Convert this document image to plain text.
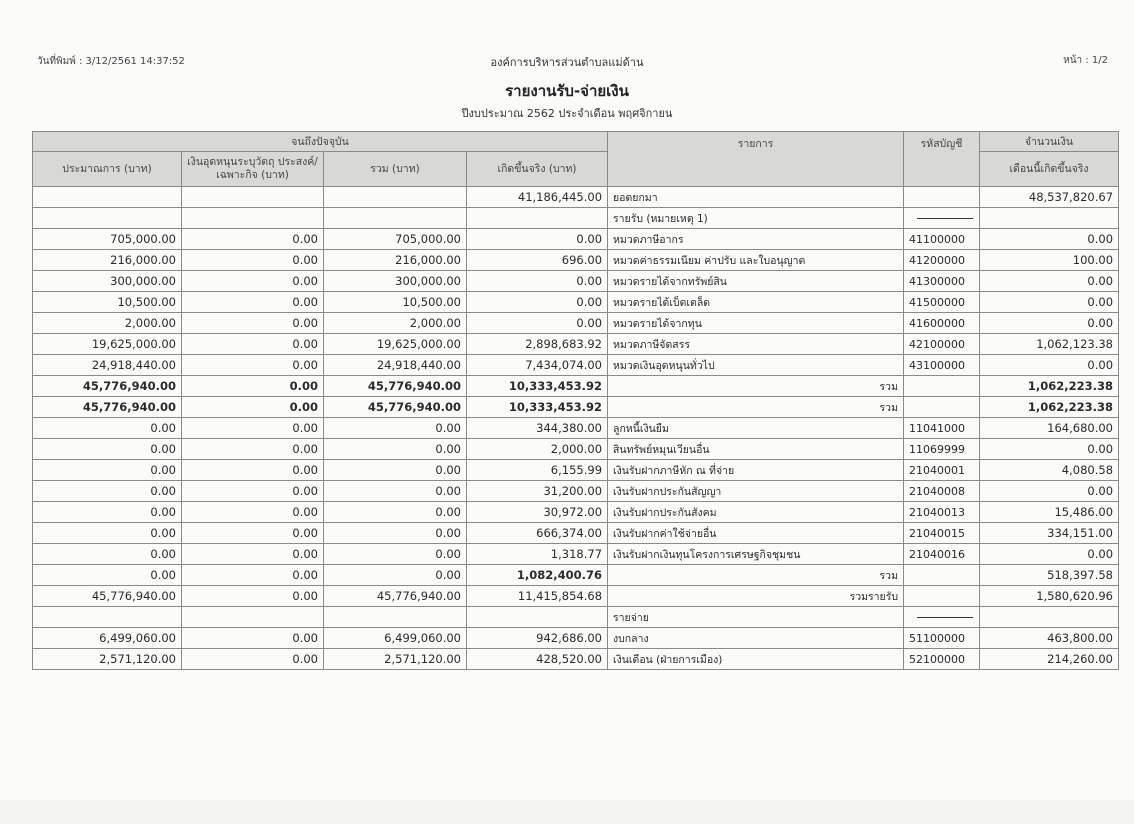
วันที่พิมพ์ : 3/12/2561 14:37:52	องค์การบริหารส่วนตำบลแม่ด้าน	หน้า : 1/2
รายงานรับ-จ่ายเงิน
ปีงบประมาณ 2562 ประจำเดือน พฤศจิกายน
จนถึงปัจจุบัน				รายการ	รหัสบัญชี	จำนวนเงิน
ประมาณการ (บาท)	เงินอุดหนุนระบุวัตถุ ประสงค์/เฉพาะกิจ (บาท)	รวม (บาท)	เกิดขึ้นจริง (บาท)			เดือนนี้เกิดขึ้นจริง
			41,186,445.00	ยอดยกมา		48,537,820.67
				รายรับ (หมายเหตุ 1)		
705,000.00	0.00	705,000.00	0.00	หมวดภาษีอากร	41100000	0.00
216,000.00	0.00	216,000.00	696.00	หมวดค่าธรรมเนียม ค่าปรับ และใบอนุญาต	41200000	100.00
300,000.00	0.00	300,000.00	0.00	หมวดรายได้จากทรัพย์สิน	41300000	0.00
10,500.00	0.00	10,500.00	0.00	หมวดรายได้เบ็ดเตล็ด	41500000	0.00
2,000.00	0.00	2,000.00	0.00	หมวดรายได้จากทุน	41600000	0.00
19,625,000.00	0.00	19,625,000.00	2,898,683.92	หมวดภาษีจัดสรร	42100000	1,062,123.38
24,918,440.00	0.00	24,918,440.00	7,434,074.00	หมวดเงินอุดหนุนทั่วไป	43100000	0.00
45,776,940.00	0.00	45,776,940.00	10,333,453.92	รวม		1,062,223.38
45,776,940.00	0.00	45,776,940.00	10,333,453.92	รวม		1,062,223.38
0.00	0.00	0.00	344,380.00	ลูกหนี้เงินยืม	11041000	164,680.00
0.00	0.00	0.00	2,000.00	สินทรัพย์หมุนเวียนอื่น	11069999	0.00
0.00	0.00	0.00	6,155.99	เงินรับฝากภาษีหัก ณ ที่จ่าย	21040001	4,080.58
0.00	0.00	0.00	31,200.00	เงินรับฝากประกันสัญญา	21040008	0.00
0.00	0.00	0.00	30,972.00	เงินรับฝากประกันสังคม	21040013	15,486.00
0.00	0.00	0.00	666,374.00	เงินรับฝากค่าใช้จ่ายอื่น	21040015	334,151.00
0.00	0.00	0.00	1,318.77	เงินรับฝากเงินทุนโครงการเศรษฐกิจชุมชน	21040016	0.00
0.00	0.00	0.00	1,082,400.76	รวม		518,397.58
45,776,940.00	0.00	45,776,940.00	11,415,854.68	รวมรายรับ		1,580,620.96
				รายจ่าย		
6,499,060.00	0.00	6,499,060.00	942,686.00	งบกลาง	51100000	463,800.00
2,571,120.00	0.00	2,571,120.00	428,520.00	เงินเดือน (ฝ่ายการเมือง)	52100000	214,260.00
